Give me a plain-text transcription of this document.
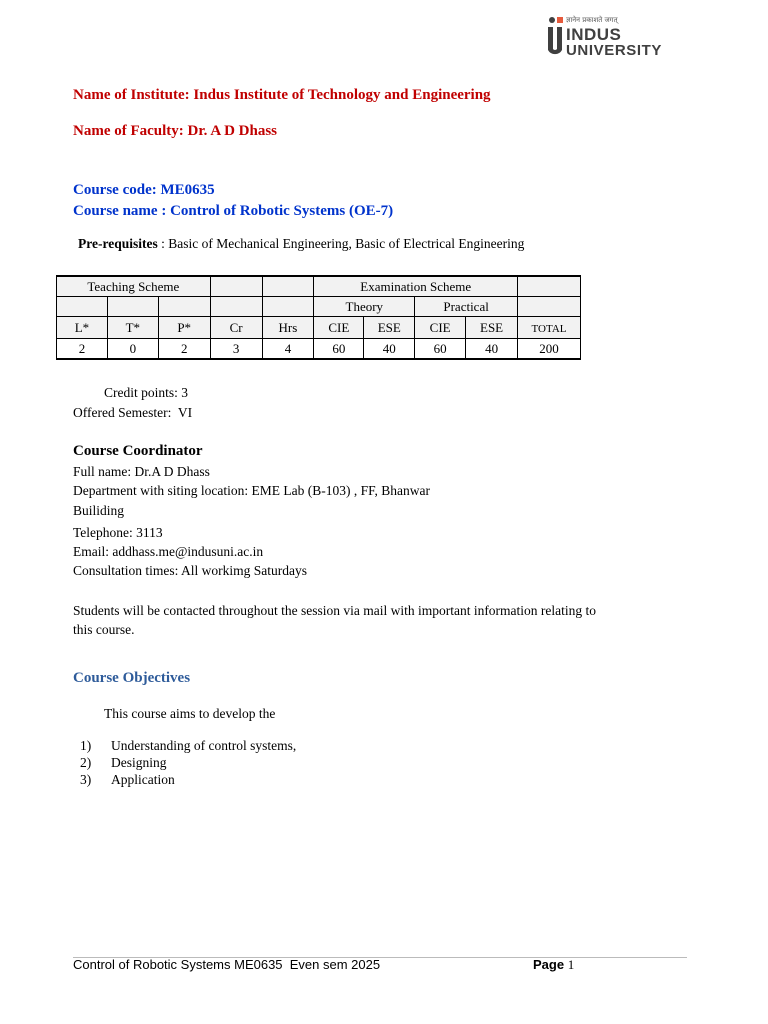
ज्ञानेन प्रकाशते जगत्
INDUS
UNIVERSITY
Name of Institute: Indus Institute of Technology and Engineering
Name of Faculty: Dr. A D Dhass
Course code: ME0635
Course name : Control of Robotic Systems (OE-7)
Pre-requisites : Basic of Mechanical Engineering, Basic of Electrical Engineering
Teaching Scheme					Examination Scheme				
					Theory		Practical		
L*	T*	P*	Cr	Hrs	CIE	ESE	CIE	ESE	TOTAL
2	0	2	3	4	60	40	60	40	200
Credit points: 3
Offered Semester:  VI
Course Coordinator
Full name: Dr.A D Dhass
Department with siting location: EME Lab (B-103) , FF, Bhanwar
Builiding
Telephone: 3113
Email: addhass.me@indusuni.ac.in
Consultation times: All workimg Saturdays
Students will be contacted throughout the session via mail with important information relating to
this course.
Course Objectives
This course aims to develop the
1) Understanding of control systems,
2) Designing
3) Application
Control of Robotic Systems ME0635  Even sem 2025	Page 1
